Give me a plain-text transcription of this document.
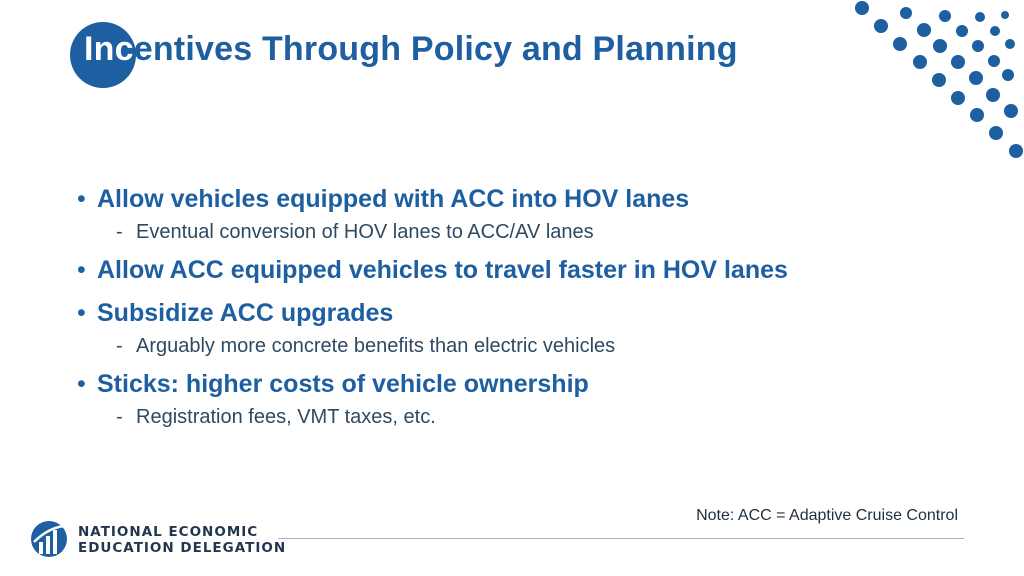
Incentives Through Policy and Planning
• Allow vehicles equipped with ACC into HOV lanes
- Eventual conversion of HOV lanes to ACC/AV lanes
• Allow ACC equipped vehicles to travel faster in HOV lanes
• Subsidize ACC upgrades
- Arguably more concrete benefits than electric vehicles
• Sticks: higher costs of vehicle ownership
- Registration fees, VMT taxes, etc.
Note: ACC = Adaptive Cruise Control
NATIONAL ECONOMIC
EDUCATION DELEGATION
